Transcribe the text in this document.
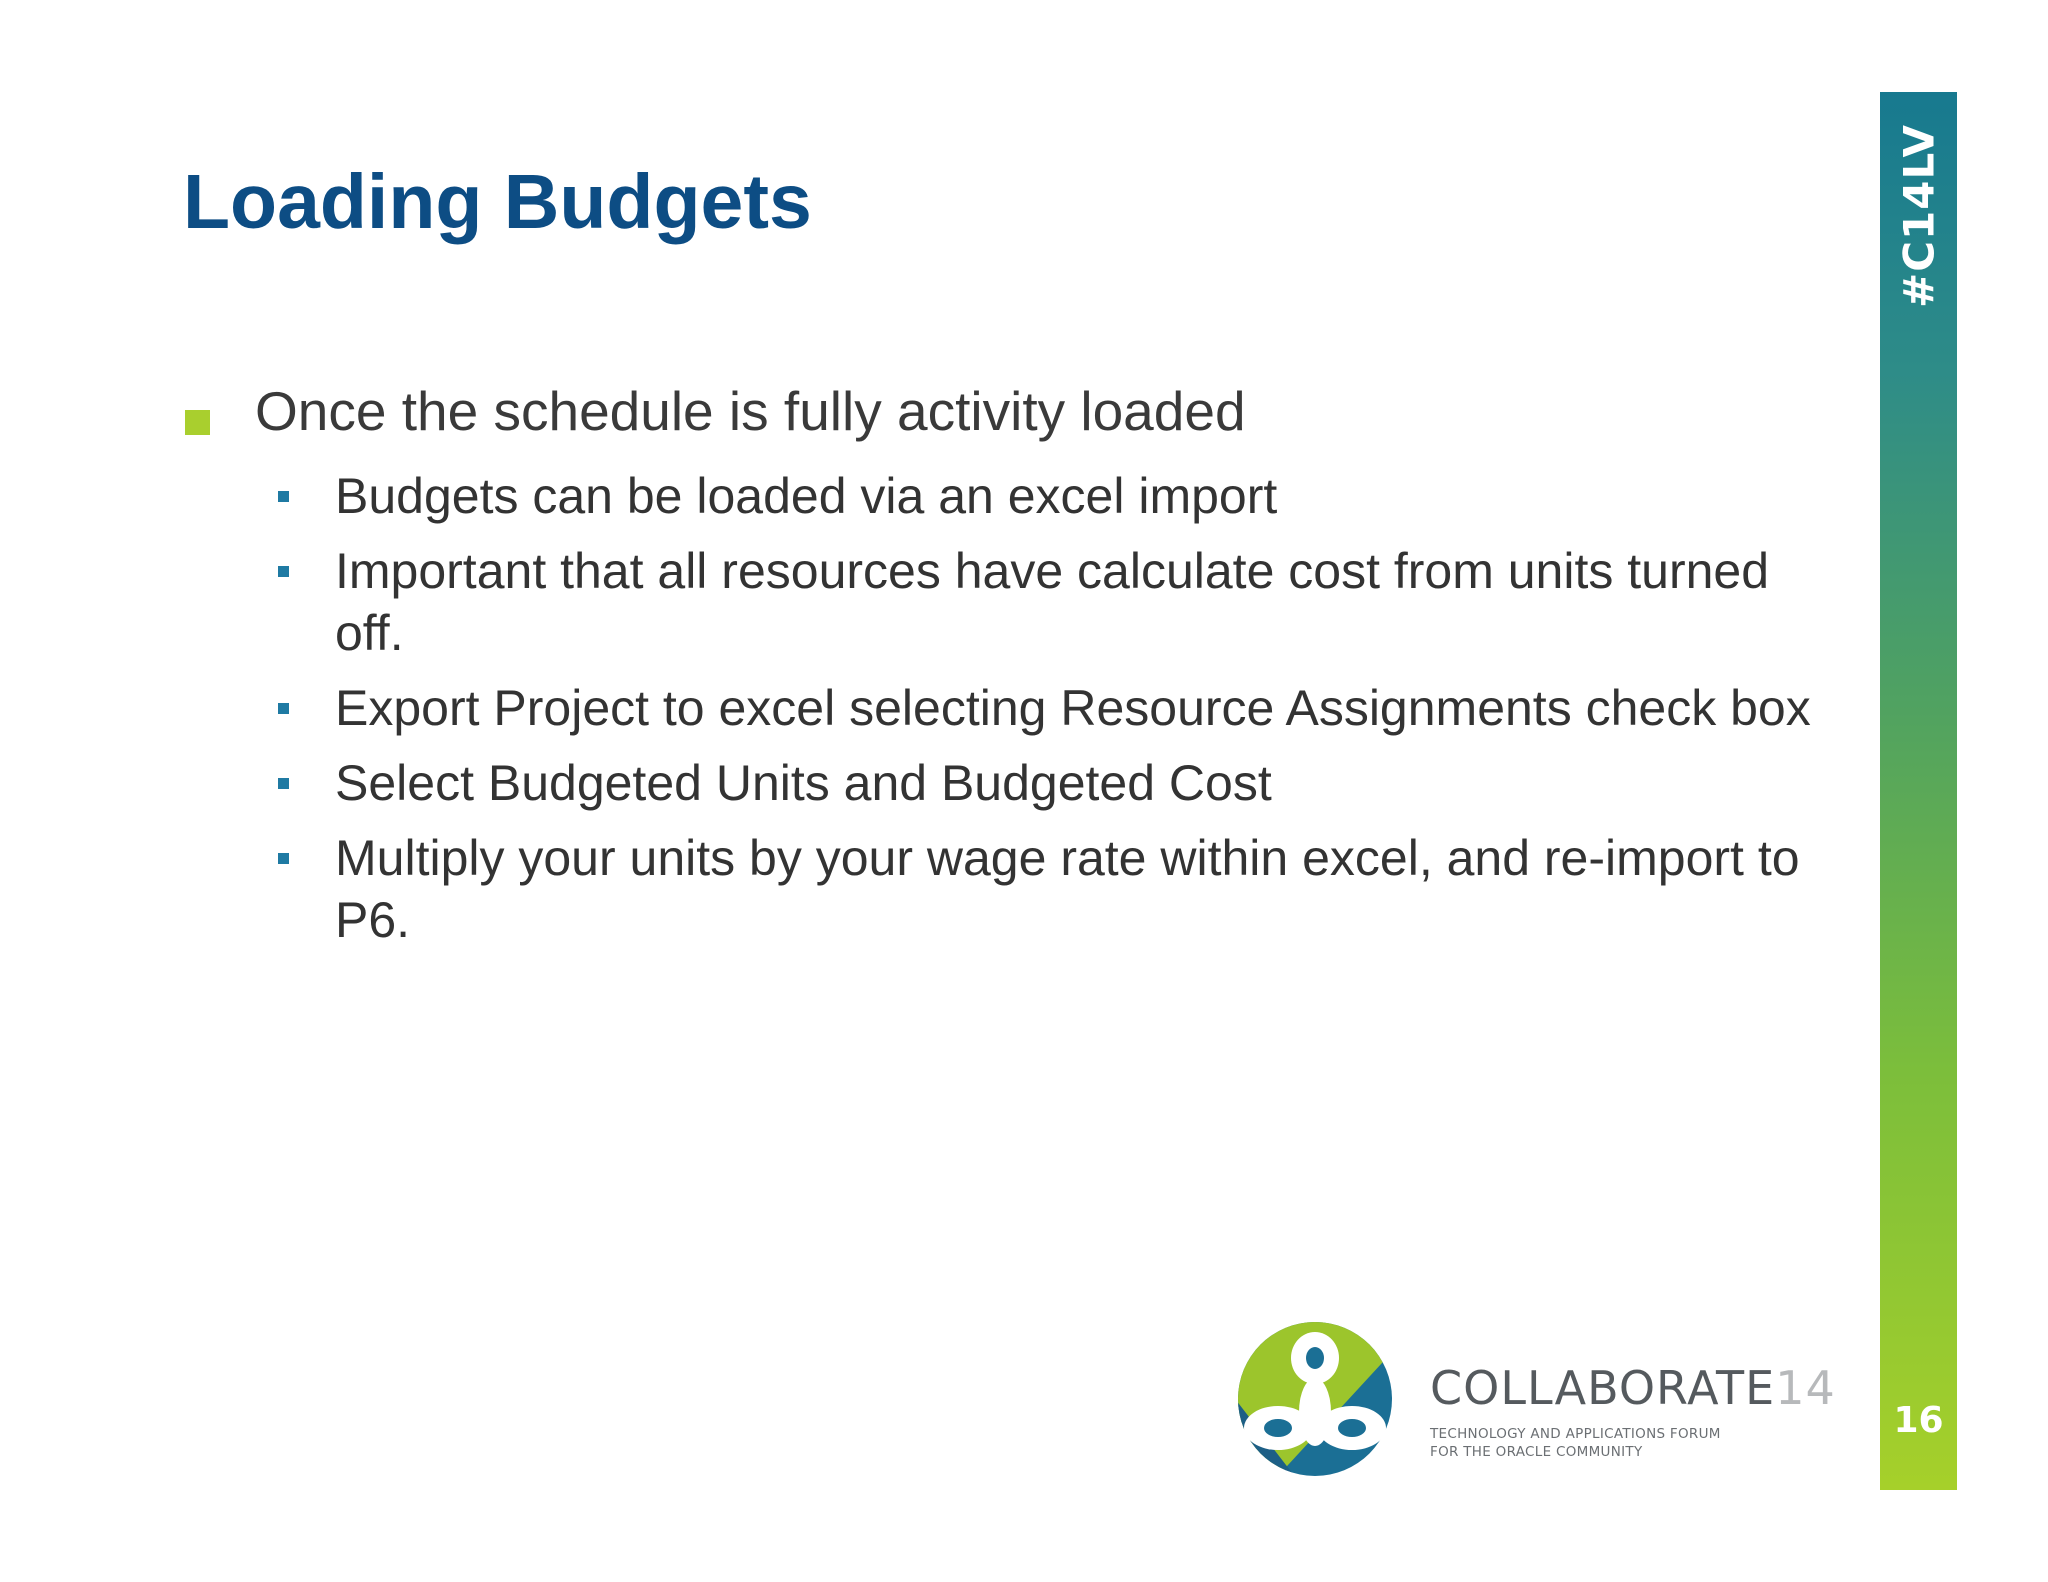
Loading Budgets
Once the schedule is fully activity loaded
Budgets can be loaded via an excel import
Important that all resources have calculate cost from units turned off.
Export Project to excel selecting Resource Assignments check box
Select Budgeted Units and Budgeted Cost
Multiply your units by your wage rate within excel, and re-import to P6.
#C14LV
16
COLLABORATE14
TECHNOLOGY AND APPLICATIONS FORUM
FOR THE ORACLE COMMUNITY
